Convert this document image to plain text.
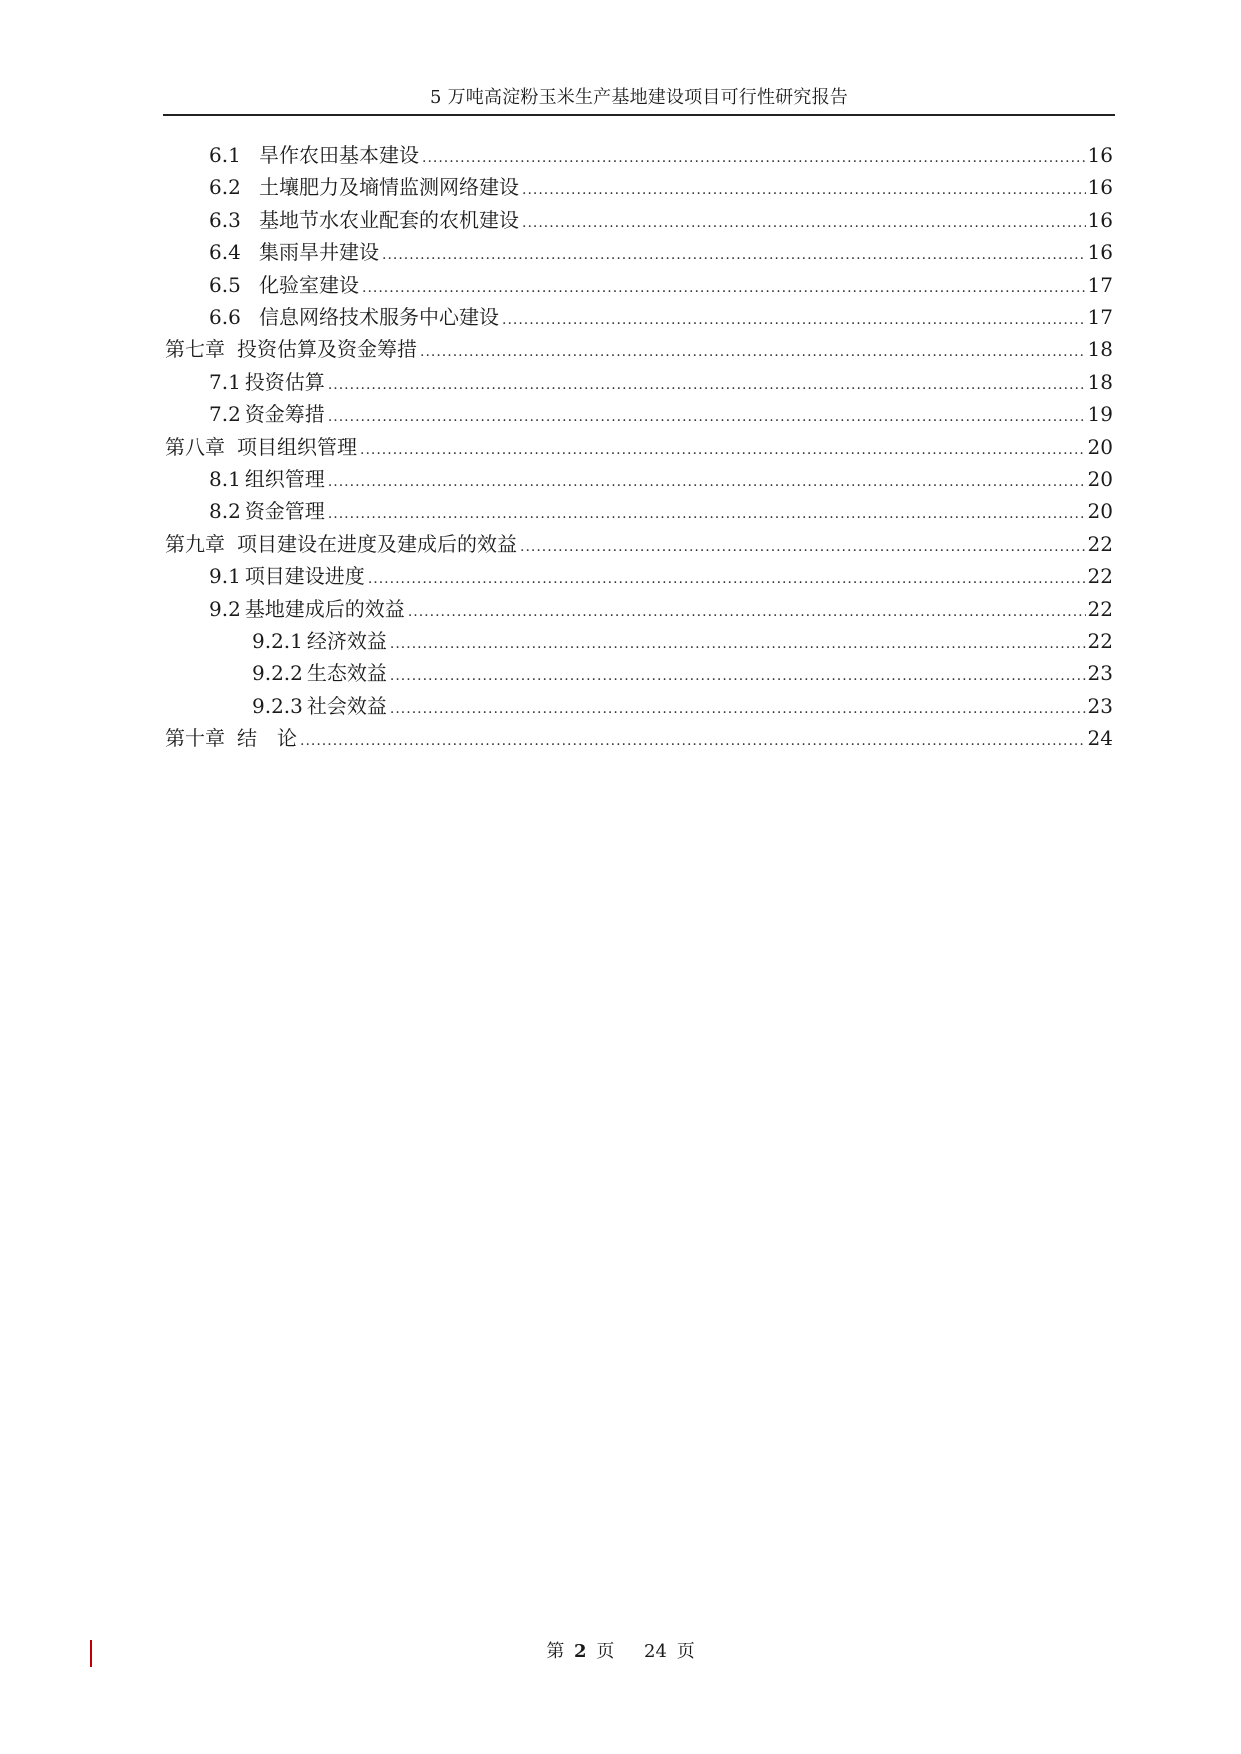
5 万吨高淀粉玉米生产基地建设项目可行性研究报告
6.1 旱作农田基本建设 .....	16
6.2 土壤肥力及墒情监测网络建设 .....	16
6.3 基地节水农业配套的农机建设 .....	16
6.4 集雨旱井建设 .....	16
6.5 化验室建设 .....	17
6.6 信息网络技术服务中心建设 .....	17
第七章 投资估算及资金筹措 .....	18
7.1 投资估算 .....	18
7.2 资金筹措 .....	19
第八章 项目组织管理 .....	20
8.1 组织管理 .....	20
8.2 资金管理 .....	20
第九章 项目建设在进度及建成后的效益 .....	22
9.1 项目建设进度 .....	22
9.2 基地建成后的效益 .....	22
9.2.1 经济效益 .....	22
9.2.2 生态效益 .....	23
9.2.3 社会效益 .....	23
第十章 结　论 .....	24
第 2 页 24 页
